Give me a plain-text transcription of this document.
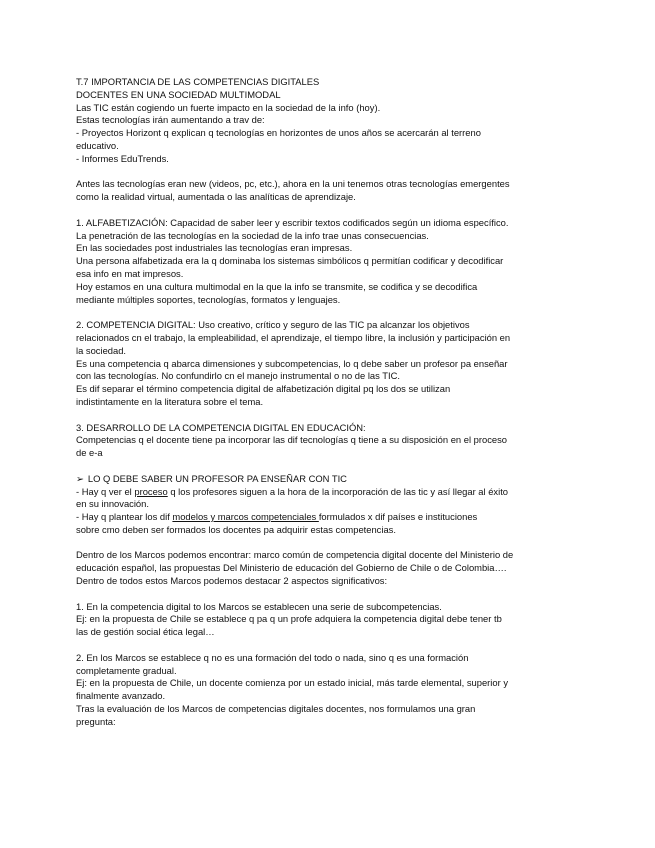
T.7 IMPORTANCIA DE LAS COMPETENCIAS DIGITALES
DOCENTES EN UNA SOCIEDAD MULTIMODAL
Las TIC están cogiendo un fuerte impacto en la sociedad de la info (hoy).
Estas tecnologías irán aumentando a trav de:
- Proyectos Horizont q explican q tecnologías en horizontes de unos años se acercarán al terreno
educativo.
- Informes EduTrends.

Antes las tecnologías eran new (videos, pc, etc.), ahora en la uni tenemos otras tecnologías emergentes
como la realidad virtual, aumentada o las analíticas de aprendizaje.

1. ALFABETIZACIÓN: Capacidad de saber leer y escribir textos codificados según un idioma específico.
La penetración de las tecnologías en la sociedad de la info trae unas consecuencias.
En las sociedades post industriales las tecnologías eran impresas.
Una persona alfabetizada era la q dominaba los sistemas simbólicos q permitían codificar y decodificar
esa info en mat impresos.
Hoy estamos en una cultura multimodal en la que la info se transmite, se codifica y se decodifica
mediante múltiples soportes, tecnologías, formatos y lenguajes.

2. COMPETENCIA DIGITAL: Uso creativo, crítico y seguro de las TIC pa alcanzar los objetivos
relacionados cn el trabajo, la empleabilidad, el aprendizaje, el tiempo libre, la inclusión y participación en
la sociedad.
Es una competencia q abarca dimensiones y subcompetencias, lo q debe saber un profesor pa enseñar
con las tecnologías. No confundirlo cn el manejo instrumental o no de las TIC.
Es dif separar el término competencia digital de alfabetización digital pq los dos se utilizan
indistintamente en la literatura sobre el tema.

3. DESARROLLO DE LA COMPETENCIA DIGITAL EN EDUCACIÓN:
Competencias q el docente tiene pa incorporar las dif tecnologías q tiene a su disposición en el proceso
de e-a

➢ LO Q DEBE SABER UN PROFESOR PA ENSEÑAR CON TIC
- Hay q ver el proceso q los profesores siguen a la hora de la incorporación de las tic y así llegar al éxito
en su innovación.
- Hay q plantear los dif modelos y marcos competenciales formulados x dif países e instituciones
sobre cmo deben ser formados los docentes pa adquirir estas competencias.

Dentro de los Marcos podemos encontrar: marco común de competencia digital docente del Ministerio de
educación español, las propuestas Del Ministerio de educación del Gobierno de Chile o de Colombia….
Dentro de todos estos Marcos podemos destacar 2 aspectos significativos:

1. En la competencia digital to los Marcos se establecen una serie de subcompetencias.
Ej: en la propuesta de Chile se establece q pa q un profe adquiera la competencia digital debe tener tb
las de gestión social ética legal…

2. En los Marcos se establece q no es una formación del todo o nada, sino q es una formación
completamente gradual.
Ej: en la propuesta de Chile, un docente comienza por un estado inicial, más tarde elemental, superior y
finalmente avanzado.
Tras la evaluación de los Marcos de competencias digitales docentes, nos formulamos una gran
pregunta:
